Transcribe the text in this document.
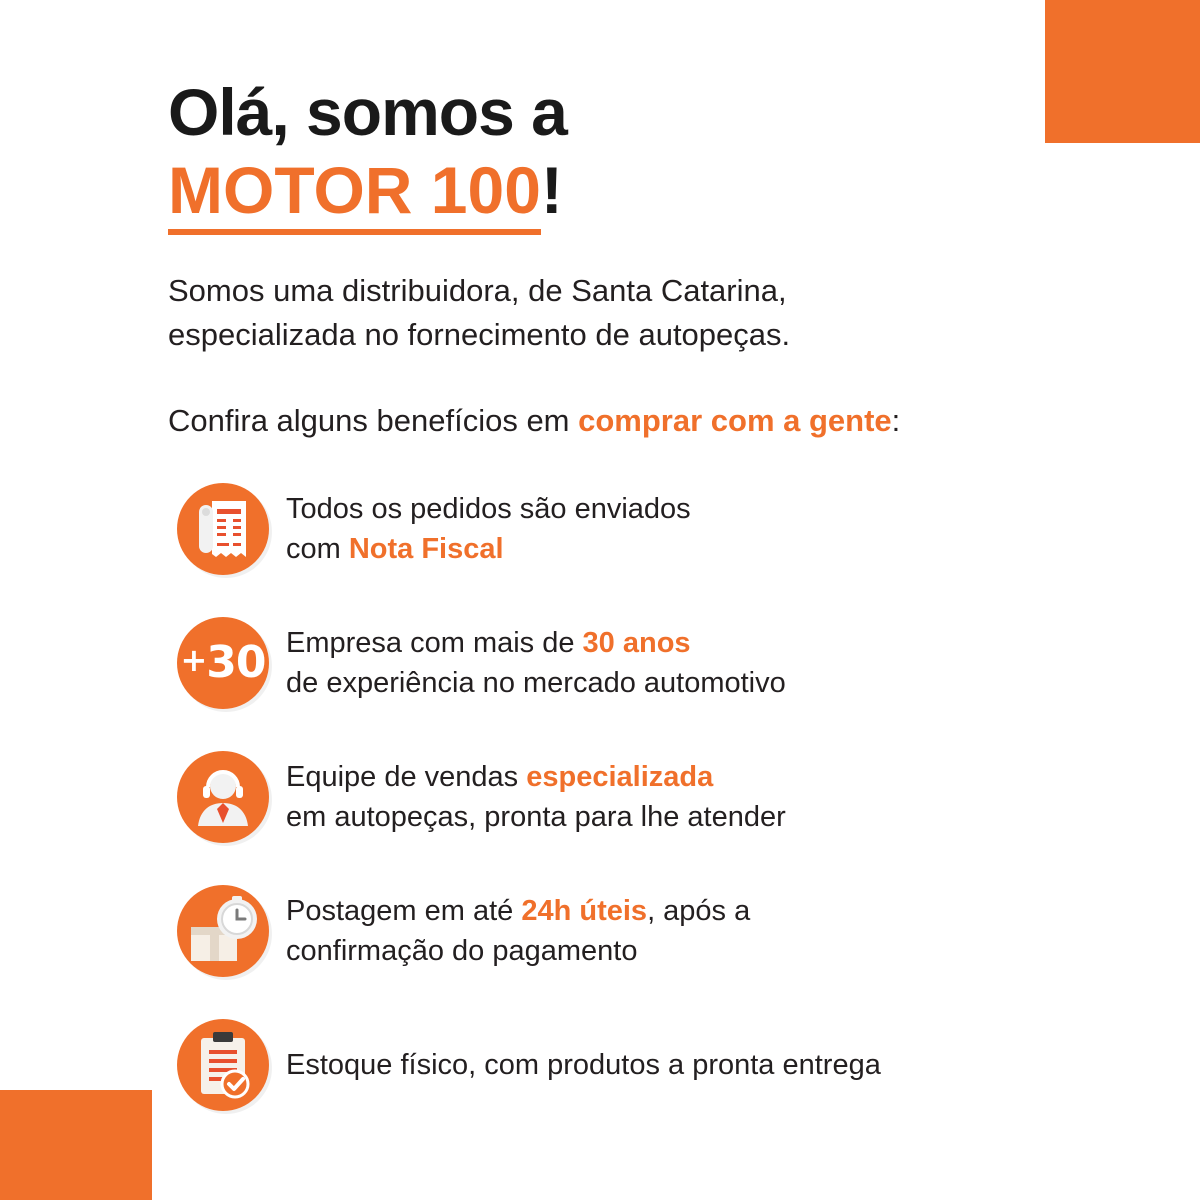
Olá, somos a
MOTOR 100!

Somos uma distribuidora, de Santa Catarina,
especializada no fornecimento de autopeças.

Confira alguns benefícios em comprar com a gente:

Todos os pedidos são enviados
com Nota Fiscal
+30 Empresa com mais de 30 anos
de experiência no mercado automotivo
Equipe de vendas especializada
em autopeças, pronta para lhe atender
Postagem em até 24h úteis, após a
confirmação do pagamento
Estoque físico, com produtos a pronta entrega
